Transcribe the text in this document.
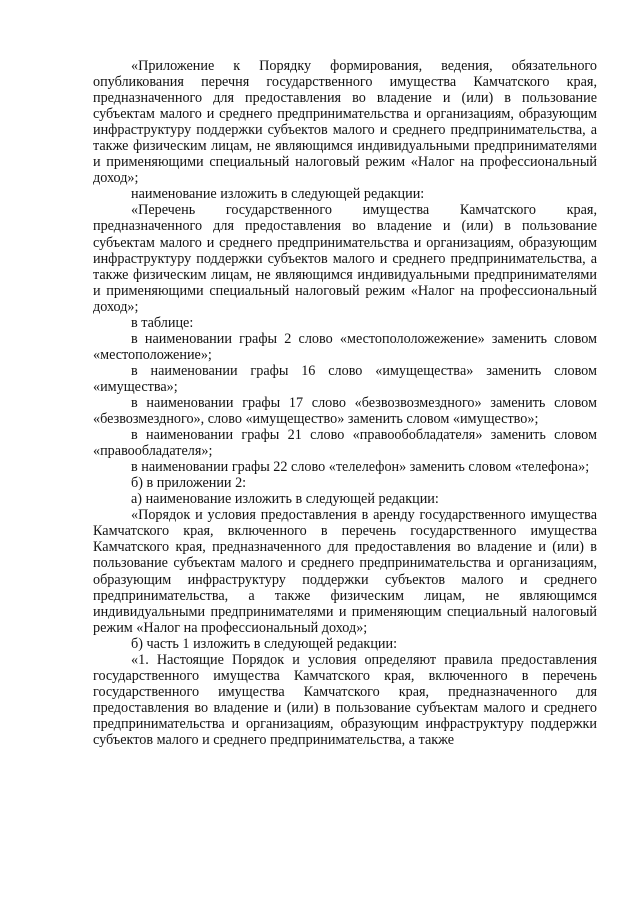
«Приложение к Порядку формирования, ведения, обязательного опубликования перечня государственного имущества Камчатского края, предназначенного для предоставления во владение и (или) в пользование субъектам малого и среднего предпринимательства и организациям, образующим инфраструктуру поддержки субъектов малого и среднего предпринимательства, а также физическим лицам, не являющимся индивидуальными предпринимателями и применяющими специальный налоговый режим «Налог на профессиональный доход»;

наименование изложить в следующей редакции:

«Перечень государственного имущества Камчатского края, предназначенного для предоставления во владение и (или) в пользование субъектам малого и среднего предпринимательства и организациям, образующим инфраструктуру поддержки субъектов малого и среднего предпринимательства, а также физическим лицам, не являющимся индивидуальными предпринимателями и применяющими специальный налоговый режим «Налог на профессиональный доход»;

в таблице:

в наименовании графы 2 слово «местопололожежение» заменить словом «местоположение»;

в наименовании графы 16 слово «имущеществa» заменить словом «имущества»;

в наименовании графы 17 слово «безвозвозмездного» заменить словом «безвозмездного», слово «имущещество» заменить словом «имущество»;

в наименовании графы 21 слово «правообобладателя» заменить словом «правообладателя»;

в наименовании графы 22 слово «телелефон» заменить словом «телефона»;

б) в приложении 2:

а) наименование изложить в следующей редакции:

«Порядок и условия предоставления в аренду государственного имущества Камчатского края, включенного в перечень государственного имущества Камчатского края, предназначенного для предоставления во владение и (или) в пользование субъектам малого и среднего предпринимательства и организациям, образующим инфраструктуру поддержки субъектов малого и среднего предпринимательства, а также физическим лицам, не являющимся индивидуальными предпринимателями и применяющим специальный налоговый режим «Налог на профессиональный доход»;

б) часть 1 изложить в следующей редакции:

«1. Настоящие Порядок и условия определяют правила предоставления государственного имущества Камчатского края, включенного в перечень государственного имущества Камчатского края, предназначенного для предоставления во владение и (или) в пользование субъектам малого и среднего предпринимательства и организациям, образующим инфраструктуру поддержки субъектов малого и среднего предпринимательства, а также
